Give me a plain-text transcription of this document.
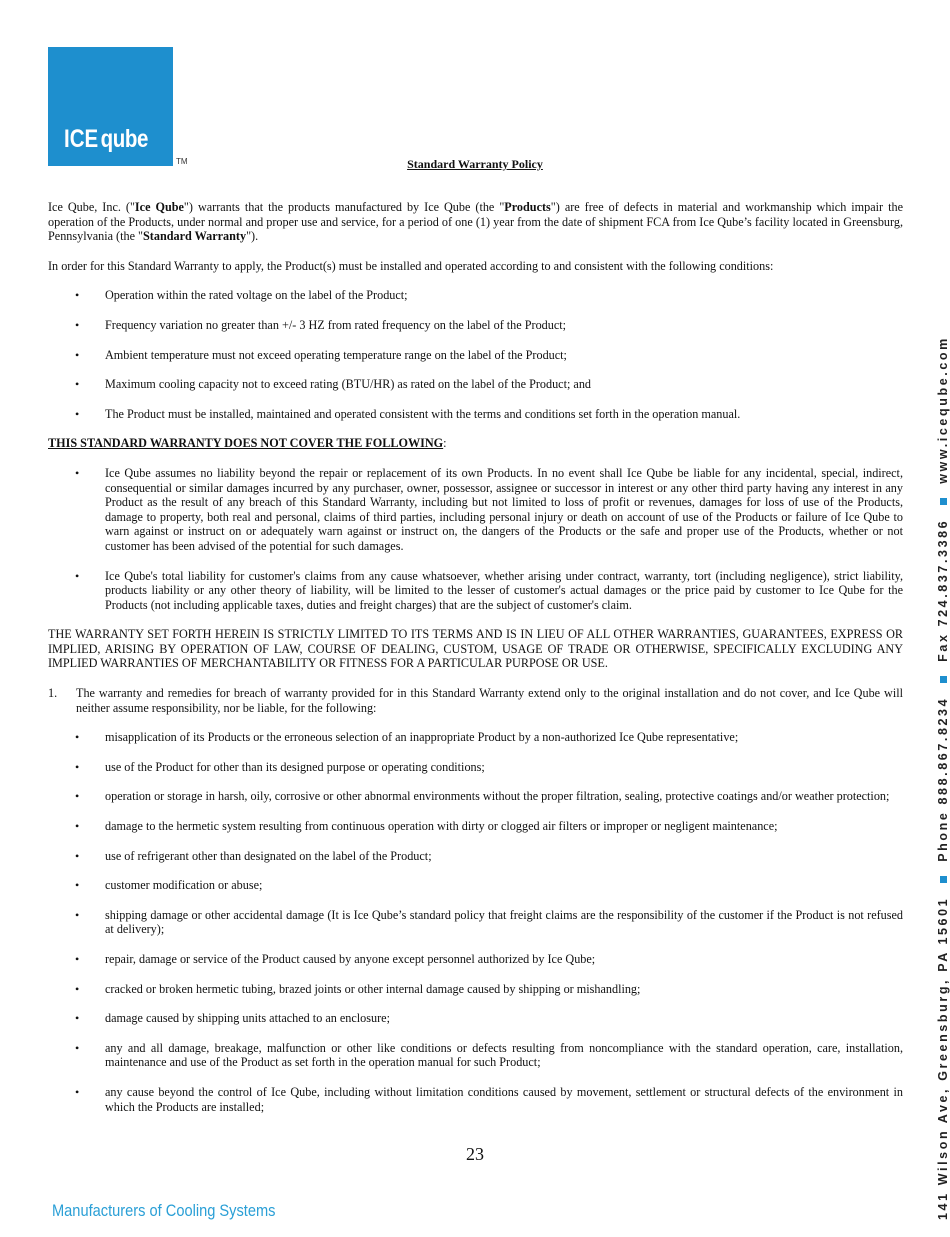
ICEqube
TM	Standard Warranty Policy

Ice Qube, Inc. ("Ice Qube") warrants that the products manufactured by Ice Qube (the "Products") are free of defects in material and workmanship which impair the operation of the Products, under normal and proper use and service, for a period of one (1) year from the date of shipment FCA from Ice Qube’s facility located in Greensburg, Pennsylvania (the "Standard Warranty").

In order for this Standard Warranty to apply, the Product(s) must be installed and operated according to and consistent with the following conditions:

• Operation within the rated voltage on the label of the Product;
• Frequency variation no greater than +/- 3 HZ from rated frequency on the label of the Product;
• Ambient temperature must not exceed operating temperature range on the label of the Product;
• Maximum cooling capacity not to exceed rating (BTU/HR) as rated on the label of the Product; and
• The Product must be installed, maintained and operated consistent with the terms and conditions set forth in the operation manual.
THIS STANDARD WARRANTY DOES NOT COVER THE FOLLOWING:
• Ice Qube assumes no liability beyond the repair or replacement of its own Products. In no event shall Ice Qube be liable for any incidental, special, indirect, consequential or similar damages incurred by any purchaser, owner, possessor, assignee or successor in interest or any other third party having any interest in any Product as the result of any breach of this Standard Warranty, including but not limited to loss of profit or revenues, damages for loss of use of the Products, damage to property, both real and personal, claims of third parties, including personal injury or death on account of use of the Products or failure of Ice Qube to warn against or instruct on or adequately warn against or instruct on, the dangers of the Products or the safe and proper use of the Products, whether or not customer has been advised of the potential for such damages.
• Ice Qube's total liability for customer's claims from any cause whatsoever, whether arising under contract, warranty, tort (including negligence), strict liability, products liability or any other theory of liability, will be limited to the lesser of customer's actual damages or the price paid by customer to Ice Qube for the Products (not including applicable taxes, duties and freight charges) that are the subject of customer's claim.
THE WARRANTY SET FORTH HEREIN IS STRICTLY LIMITED TO ITS TERMS AND IS IN LIEU OF ALL OTHER WARRANTIES, GUARANTEES, EXPRESS OR IMPLIED, ARISING BY OPERATION OF LAW, COURSE OF DEALING, CUSTOM, USAGE OF TRADE OR OTHERWISE, SPECIFICALLY EXCLUDING ANY IMPLIED WARRANTIES OF MERCHANTABILITY OR FITNESS FOR A PARTICULAR PURPOSE OR USE.
1. The warranty and remedies for breach of warranty provided for in this Standard Warranty extend only to the original installation and do not cover, and Ice Qube will neither assume responsibility, nor be liable, for the following:
• misapplication of its Products or the erroneous selection of an inappropriate Product by a non-authorized Ice Qube representative;
• use of the Product for other than its designed purpose or operating conditions;
• operation or storage in harsh, oily, corrosive or other abnormal environments without the proper filtration, sealing, protective coatings and/or weather protection;
• damage to the hermetic system resulting from continuous operation with dirty or clogged air filters or improper or negligent maintenance;
• use of refrigerant other than designated on the label of the Product;
• customer modification or abuse;
• shipping damage or other accidental damage (It is Ice Qube’s standard policy that freight claims are the responsibility of the customer if the Product is not refused at delivery);
• repair, damage or service of the Product caused by anyone except personnel authorized by Ice Qube;
• cracked or broken hermetic tubing, brazed joints or other internal damage caused by shipping or mishandling;
• damage caused by shipping units attached to an enclosure;
• any and all damage, breakage, malfunction or other like conditions or defects resulting from noncompliance with the standard operation, care, installation, maintenance and use of the Product as set forth in the operation manual for such Product;
• any cause beyond the control of Ice Qube, including without limitation conditions caused by movement, settlement or structural defects of the environment in which the Products are installed;
23
Manufacturers of Cooling Systems	141 Wilson Ave, Greensburg, PA 15601Phone 888.867.8234Fax 724.837.3386www.iceqube.com
